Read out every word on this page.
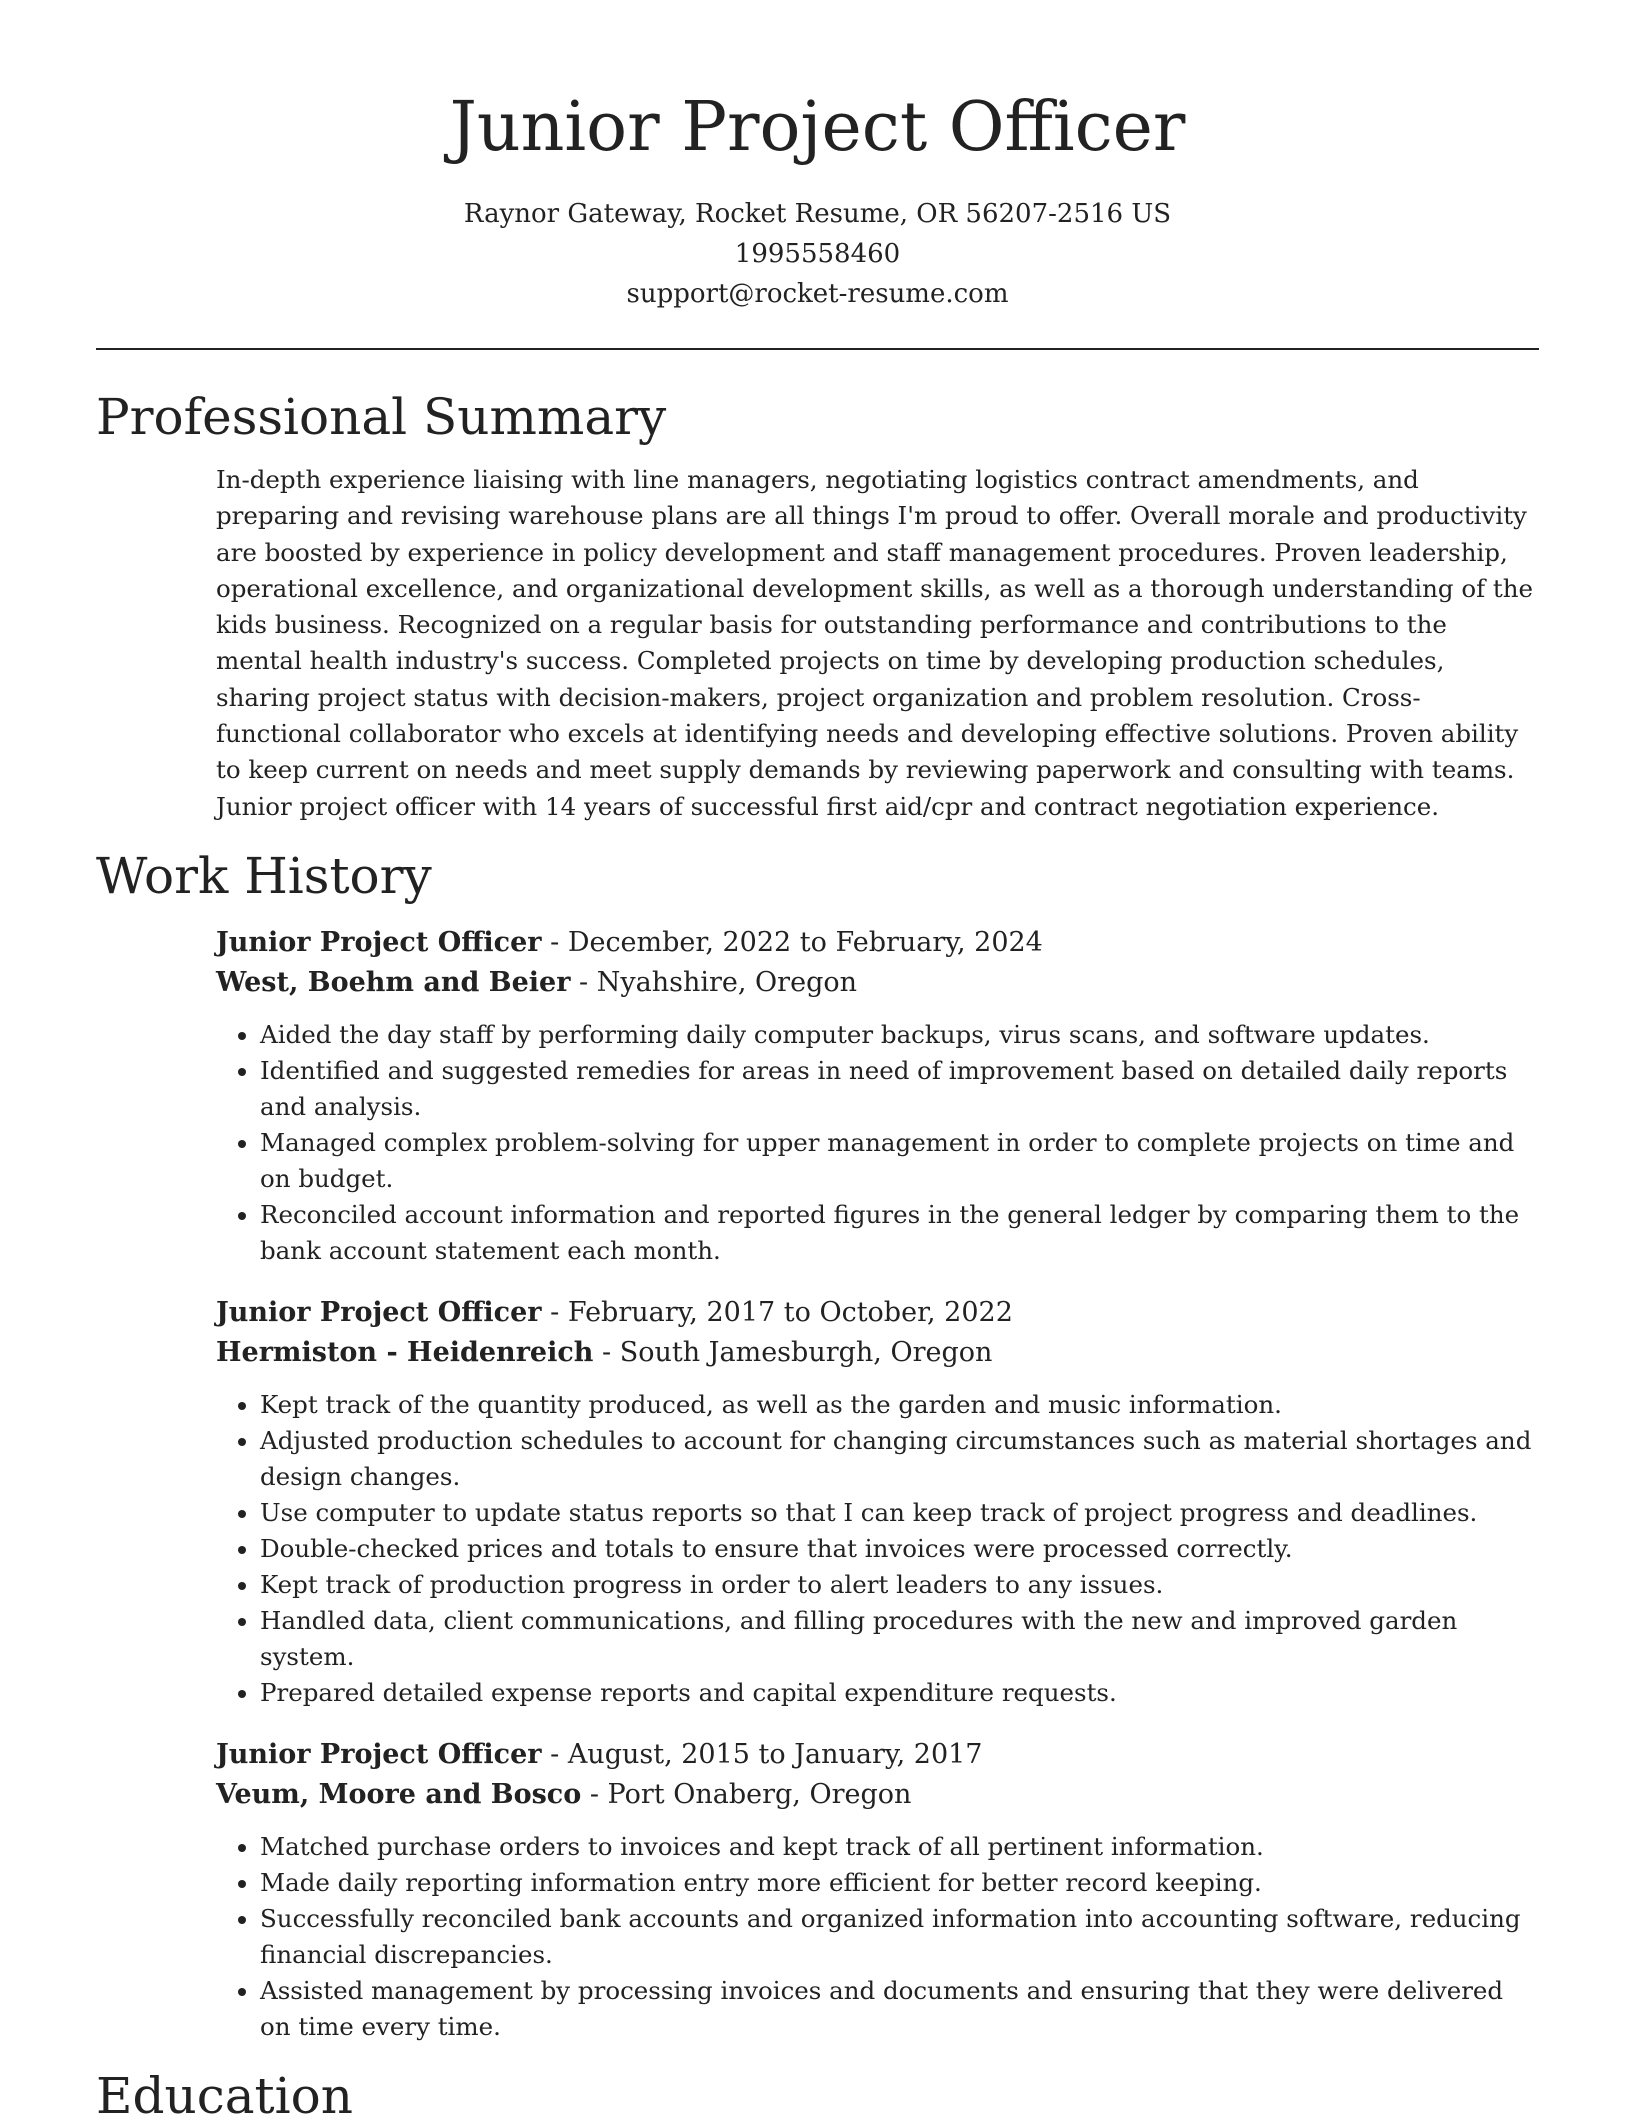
Junior Project Officer

Raynor Gateway, Rocket Resume, OR 56207-2516 US

1995558460

support@rocket-resume.com

Professional Summary

In-depth experience liaising with line managers, negotiating logistics contract amendments, and preparing and revising warehouse plans are all things I'm proud to offer. Overall morale and productivity are boosted by experience in policy development and staff management procedures. Proven leadership, operational excellence, and organizational development skills, as well as a thorough understanding of the kids business. Recognized on a regular basis for outstanding performance and contributions to the mental health industry's success. Completed projects on time by developing production schedules, sharing project status with decision-makers, project organization and problem resolution. Cross-functional collaborator who excels at identifying needs and developing effective solutions. Proven ability to keep current on needs and meet supply demands by reviewing paperwork and consulting with teams. Junior project officer with 14 years of successful first aid/cpr and contract negotiation experience.

Work History

Junior Project Officer - December, 2022 to February, 2024

West, Boehm and Beier - Nyahshire, Oregon

• Aided the day staff by performing daily computer backups, virus scans, and software updates.
• Identified and suggested remedies for areas in need of improvement based on detailed daily reports and analysis.
• Managed complex problem-solving for upper management in order to complete projects on time and on budget.
• Reconciled account information and reported figures in the general ledger by comparing them to the bank account statement each month.

Junior Project Officer - February, 2017 to October, 2022

Hermiston - Heidenreich - South Jamesburgh, Oregon

• Kept track of the quantity produced, as well as the garden and music information.
• Adjusted production schedules to account for changing circumstances such as material shortages and design changes.
• Use computer to update status reports so that I can keep track of project progress and deadlines.
• Double-checked prices and totals to ensure that invoices were processed correctly.
• Kept track of production progress in order to alert leaders to any issues.
• Handled data, client communications, and filling procedures with the new and improved garden system.
• Prepared detailed expense reports and capital expenditure requests.

Junior Project Officer - August, 2015 to January, 2017

Veum, Moore and Bosco - Port Onaberg, Oregon

• Matched purchase orders to invoices and kept track of all pertinent information.
• Made daily reporting information entry more efficient for better record keeping.
• Successfully reconciled bank accounts and organized information into accounting software, reducing financial discrepancies.
• Assisted management by processing invoices and documents and ensuring that they were delivered on time every time.
Education
